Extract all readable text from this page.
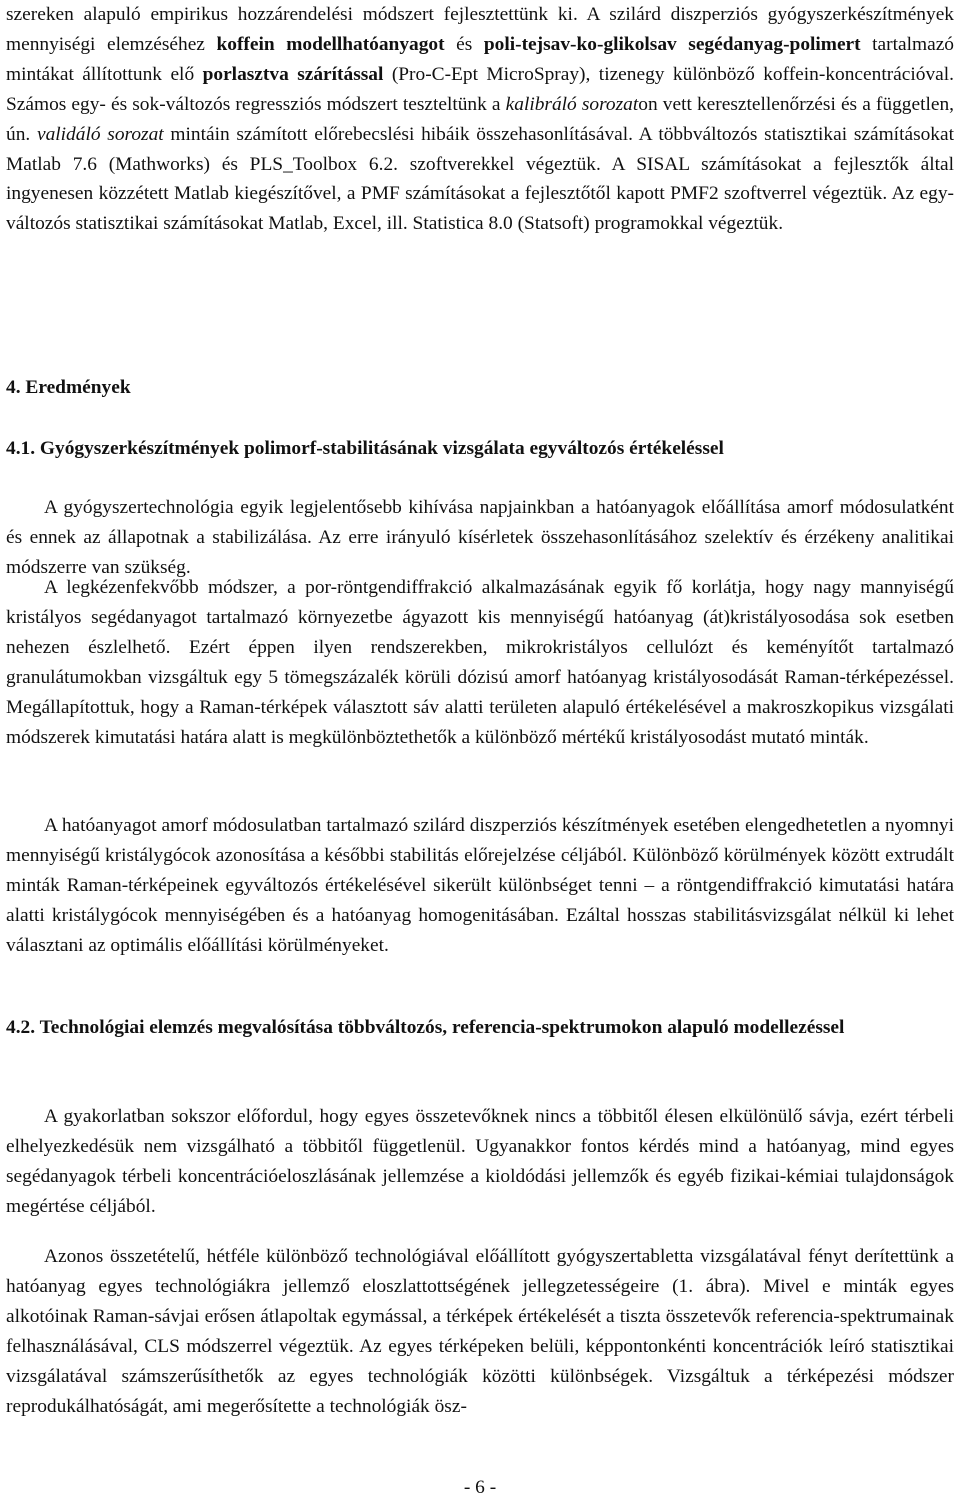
szereken alapuló empirikus hozzárendelési módszert fejlesztettünk ki. A szilárd diszperziós gyógyszerkészítmények mennyiségi elemzéséhez koffein modellhatóanyagot és poli-tejsav-ko-glikolsav segédanyag-polimert tartalmazó mintákat állítottunk elő porlasztva szárítással (Pro-C-Ept MicroSpray), tizenegy különböző koffein-koncentrációval. Számos egy- és sok-változós regressziós módszert teszteltünk a kalibráló sorozaton vett keresztellenőrzési és a független, ún. validáló sorozat mintáin számított előrebecslési hibáik összehasonlításával. A többváltozós statisztikai számításokat Matlab 7.6 (Mathworks) és PLS_Toolbox 6.2. szoftverekkel végeztük. A SISAL számításokat a fejlesztők által ingyenesen közzétett Matlab kiegészítővel, a PMF számításokat a fejlesztőtől kapott PMF2 szoftverrel végeztük. Az egy-változós statisztikai számításokat Matlab, Excel, ill. Statistica 8.0 (Statsoft) programokkal végeztük.

4. Eredmények

4.1. Gyógyszerkészítmények polimorf-stabilitásának vizsgálata egyváltozós értékeléssel

A gyógyszertechnológia egyik legjelentősebb kihívása napjainkban a hatóanyagok előállítása amorf módosulatként és ennek az állapotnak a stabilizálása. Az erre irányuló kísérletek összehasonlításához szelektív és érzékeny analitikai módszerre van szükség.

A legkézenfekvőbb módszer, a por-röntgendiffrakció alkalmazásának egyik fő korlátja, hogy nagy mannyiségű kristályos segédanyagot tartalmazó környezetbe ágyazott kis mennyiségű hatóanyag (át)kristályosodása sok esetben nehezen észlelhető. Ezért éppen ilyen rendszerekben, mikrokristályos cellulózt és keményítőt tartalmazó granulátumokban vizsgáltuk egy 5 tömegszázalék körüli dózisú amorf hatóanyag kristályosodását Raman-térképezéssel. Megállapítottuk, hogy a Raman-térképek választott sáv alatti területen alapuló értékelésével a makroszkopikus vizsgálati módszerek kimutatási határa alatt is megkülönböztethetők a különböző mértékű kristályosodást mutató minták.

A hatóanyagot amorf módosulatban tartalmazó szilárd diszperziós készítmények esetében elengedhetetlen a nyomnyi mennyiségű kristálygócok azonosítása a későbbi stabilitás előrejelzése céljából. Különböző körülmények között extrudált minták Raman-térképeinek egyváltozós értékelésével sikerült különbséget tenni – a röntgendiffrakció kimutatási határa alatti kristálygócok mennyiségében és a hatóanyag homogenitásában. Ezáltal hosszas stabilitásvizsgálat nélkül ki lehet választani az optimális előállítási körülményeket.

4.2. Technológiai elemzés megvalósítása többváltozós, referencia-spektrumokon alapuló modellezéssel

A gyakorlatban sokszor előfordul, hogy egyes összetevőknek nincs a többitől élesen elkülönülő sávja, ezért térbeli elhelyezkedésük nem vizsgálható a többitől függetlenül. Ugyanakkor fontos kérdés mind a hatóanyag, mind egyes segédanyagok térbeli koncentrációeloszlásának jellemzése a kioldódási jellemzők és egyéb fizikai-kémiai tulajdonságok megértése céljából.

Azonos összetételű, hétféle különböző technológiával előállított gyógyszertabletta vizsgálatával fényt derítettünk a hatóanyag egyes technológiákra jellemző eloszlattottségének jellegzetességeire (1. ábra). Mivel e minták egyes alkotóinak Raman-sávjai erősen átlapoltak egymással, a térképek értékelését a tiszta összetevők referencia-spektrumainak felhasználásával, CLS módszerrel végeztük. Az egyes térképeken belüli, képpontonkénti koncentrációk leíró statisztikai vizsgálatával számszerűsíthetők az egyes technológiák közötti különbségek. Vizsgáltuk a térképezési módszer reprodukálhatóságát, ami megerősítette a technológiák ösz-

- 6 -
